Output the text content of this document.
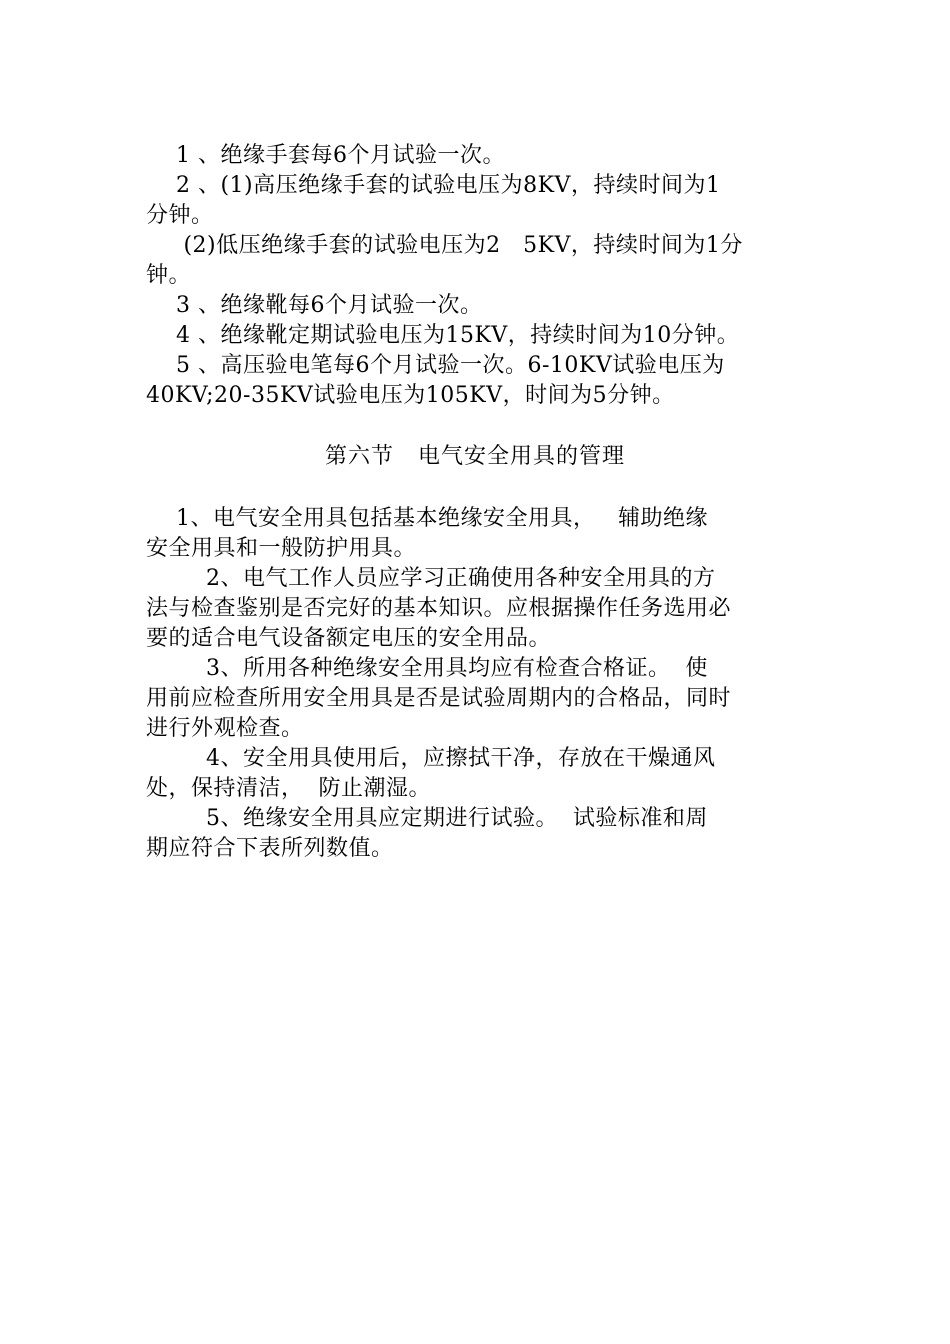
1 、绝缘手套每6个月试验一次。
2 、(1)高压绝缘手套的试验电压为8KV，持续时间为1
分钟。
(2)低压绝缘手套的试验电压为2   5KV，持续时间为1分
钟。
3 、绝缘靴每6个月试验一次。
4 、绝缘靴定期试验电压为15KV，持续时间为10分钟。
5 、高压验电笔每6个月试验一次。6-10KV试验电压为
40KV;20-35KV试验电压为105KV，时间为5分钟。
第六节   电气安全用具的管理
1、电气安全用具包括基本绝缘安全用具，   辅助绝缘
安全用具和一般防护用具。
2、电气工作人员应学习正确使用各种安全用具的方
法与检查鉴别是否完好的基本知识。应根据操作任务选用必
要的适合电气设备额定电压的安全用品。
3、所用各种绝缘安全用具均应有检查合格证。  使
用前应检查所用安全用具是否是试验周期内的合格品，同时
进行外观检查。
4、安全用具使用后，应擦拭干净，存放在干燥通风
处，保持清洁，  防止潮湿。
5、绝缘安全用具应定期进行试验。  试验标准和周
期应符合下表所列数值。
